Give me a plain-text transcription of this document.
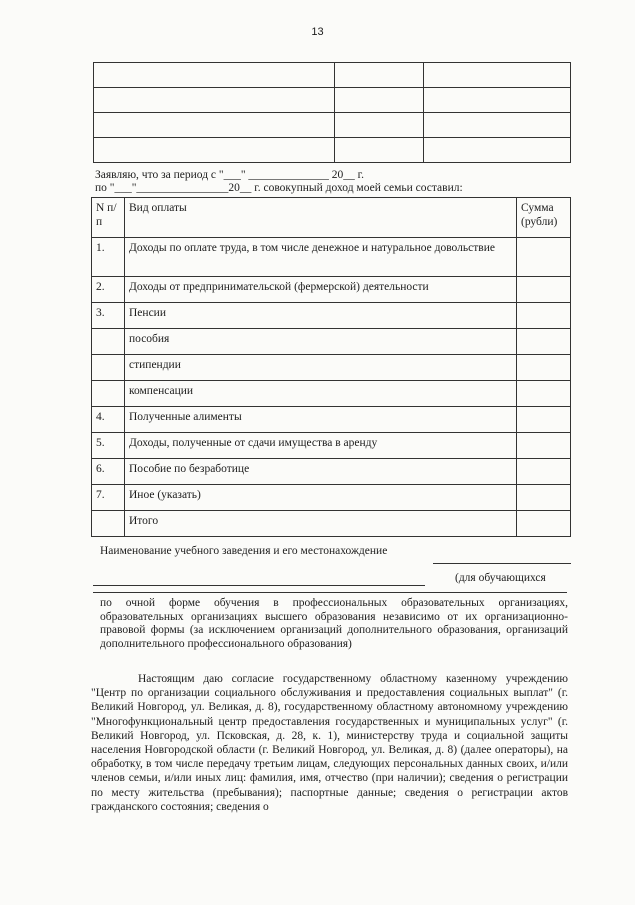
13

Заявляю, что за период с "___" ______________ 20__ г.
по "___"________________20__ г. совокупный доход моей семьи составил:
N п/п	Вид оплаты	Сумма (рубли)
1.	Доходы по оплате труда, в том числе денежное и натуральное довольствие	
2.	Доходы от предпринимательской (фермерской) деятельности	
3.	Пенсии	
	пособия	
	стипендии	
	компенсации	
4.	Полученные алименты	
5.	Доходы, полученные от сдачи имущества в аренду	
6.	Пособие по безработице	
7.	Иное (указать)	
	Итого	
Наименование учебного заведения и его местонахождение
(для обучающихся
по очной форме обучения в профессиональных образовательных организациях, образовательных организациях высшего образования независимо от их организационно-правовой формы (за исключением организаций дополнительного образования, организаций дополнительного профессионального образования)
Настоящим даю согласие государственному областному казенному учреждению "Центр по организации социального обслуживания и предоставления социальных выплат" (г. Великий Новгород, ул. Великая, д. 8), государственному областному автономному учреждению "Многофункциональный центр предоставления государственных и муниципальных услуг" (г. Великий Новгород, ул. Псковская, д. 28, к. 1), министерству труда и социальной защиты населения Новгородской области (г. Великий Новгород, ул. Великая, д. 8) (далее операторы), на обработку, в том числе передачу третьим лицам, следующих персональных данных своих, и/или членов семьи, и/или иных лиц: фамилия, имя, отчество (при наличии); сведения о регистрации по месту жительства (пребывания); паспортные данные; сведения о регистрации актов гражданского состояния; сведения о
